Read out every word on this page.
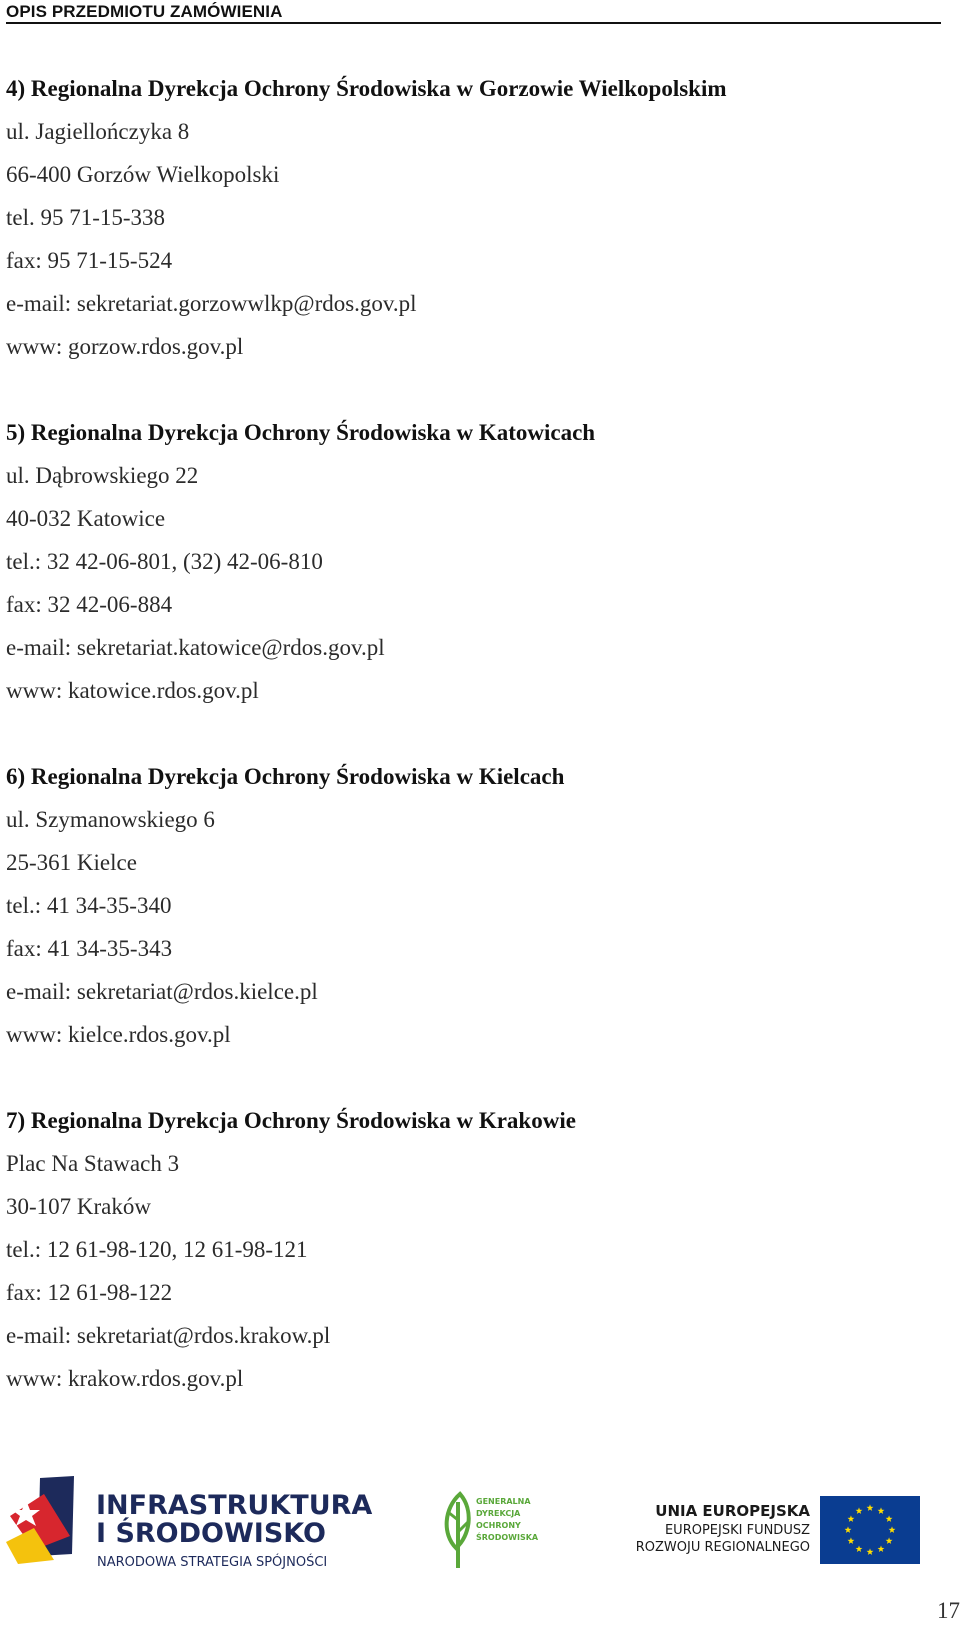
OPIS PRZEDMIOTU ZAMÓWIENIA
4) Regionalna Dyrekcja Ochrony Środowiska w Gorzowie Wielkopolskim
ul. Jagiellończyka 8
66-400 Gorzów Wielkopolski
tel. 95 71-15-338
fax: 95 71-15-524
e-mail: sekretariat.gorzowwlkp@rdos.gov.pl
www: gorzow.rdos.gov.pl
5) Regionalna Dyrekcja Ochrony Środowiska w Katowicach
ul. Dąbrowskiego 22
40-032 Katowice
tel.: 32 42-06-801, (32) 42-06-810
fax: 32 42-06-884
e-mail: sekretariat.katowice@rdos.gov.pl
www: katowice.rdos.gov.pl
6) Regionalna Dyrekcja Ochrony Środowiska w Kielcach
ul. Szymanowskiego 6
25-361 Kielce
tel.: 41 34-35-340
fax: 41 34-35-343
e-mail: sekretariat@rdos.kielce.pl
www: kielce.rdos.gov.pl
7) Regionalna Dyrekcja Ochrony Środowiska w Krakowie
Plac Na Stawach 3
30-107 Kraków
tel.: 12 61-98-120, 12 61-98-121
fax: 12 61-98-122
e-mail: sekretariat@rdos.krakow.pl
www: krakow.rdos.gov.pl
INFRASTRUKTURA
I ŚRODOWISKO
NARODOWA STRATEGIA SPÓJNOŚCI
GENERALNA
DYREKCJA
OCHRONY
ŚRODOWISKA
UNIA EUROPEJSKA
EUROPEJSKI FUNDUSZ
ROZWOJU REGIONALNEGO
17
